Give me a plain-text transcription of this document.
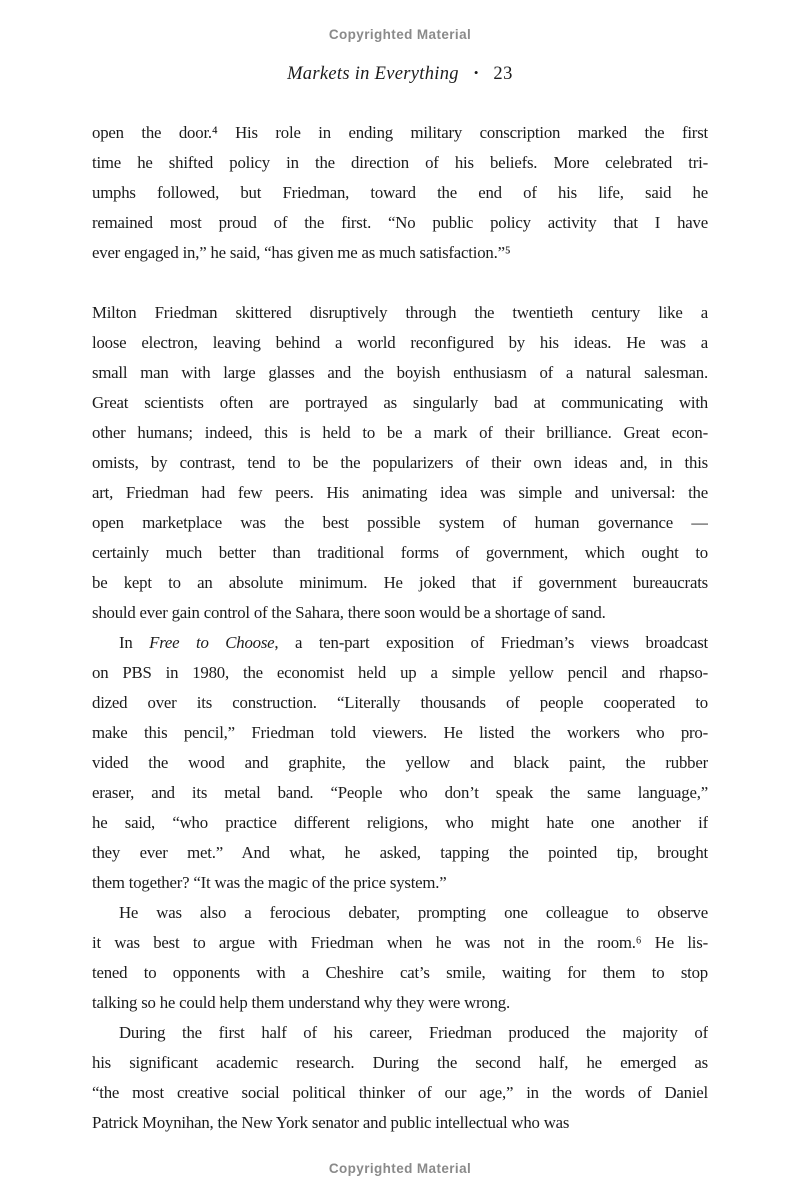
Copyrighted Material
Markets in Everything • 23
open the door.⁴ His role in ending military conscription marked the first
time he shifted policy in the direction of his beliefs. More celebrated tri-
umphs followed, but Friedman, toward the end of his life, said he
remained most proud of the first. “No public policy activity that I have
ever engaged in,” he said, “has given me as much satisfaction.”⁵
Milton Friedman skittered disruptively through the twentieth century like a
loose electron, leaving behind a world reconfigured by his ideas. He was a
small man with large glasses and the boyish enthusiasm of a natural salesman.
Great scientists often are portrayed as singularly bad at communicating with
other humans; indeed, this is held to be a mark of their brilliance. Great econ-
omists, by contrast, tend to be the popularizers of their own ideas and, in this
art, Friedman had few peers. His animating idea was simple and universal: the
open marketplace was the best possible system of human governance —
certainly much better than traditional forms of government, which ought to
be kept to an absolute minimum. He joked that if government bureaucrats
should ever gain control of the Sahara, there soon would be a shortage of sand.
In Free to Choose, a ten-part exposition of Friedman’s views broadcast
on PBS in 1980, the economist held up a simple yellow pencil and rhapso-
dized over its construction. “Literally thousands of people cooperated to
make this pencil,” Friedman told viewers. He listed the workers who pro-
vided the wood and graphite, the yellow and black paint, the rubber
eraser, and its metal band. “People who don’t speak the same language,”
he said, “who practice different religions, who might hate one another if
they ever met.” And what, he asked, tapping the pointed tip, brought
them together? “It was the magic of the price system.”
He was also a ferocious debater, prompting one colleague to observe
it was best to argue with Friedman when he was not in the room.⁶ He lis-
tened to opponents with a Cheshire cat’s smile, waiting for them to stop
talking so he could help them understand why they were wrong.
During the first half of his career, Friedman produced the majority of
his significant academic research. During the second half, he emerged as
“the most creative social political thinker of our age,” in the words of Daniel
Patrick Moynihan, the New York senator and public intellectual who was
Copyrighted Material
